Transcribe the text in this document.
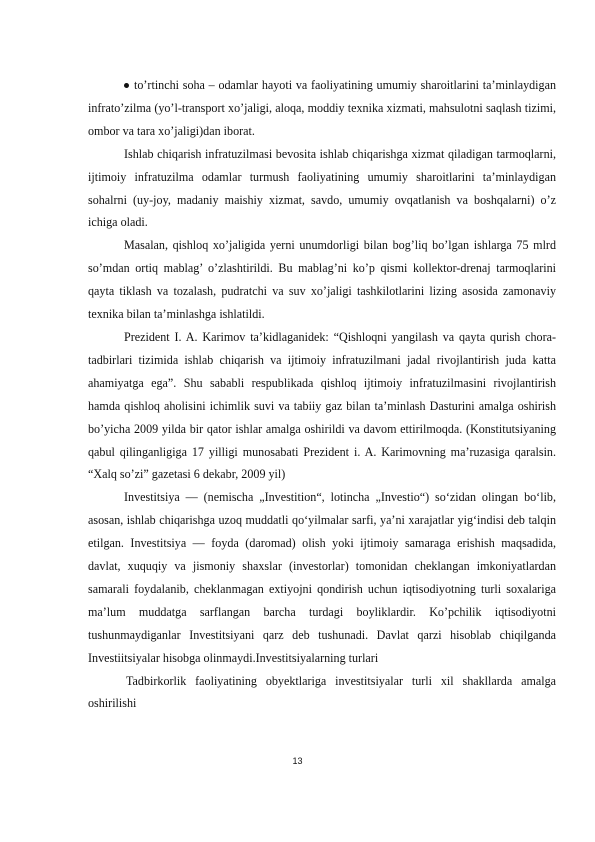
to’rtinchi soha – odamlar hayoti va faoliyatining umumiy sharoitlarini ta’minlaydigan infrato’zilma (yo’l-transport xo’jaligi, aloqa, moddiy texnika xizmati, mahsulotni saqlash tizimi, ombor va tara xo’jaligi)dan iborat.

Ishlab chiqarish infratuzilmasi bevosita ishlab chiqarishga xizmat qiladigan tarmoqlarni, ijtimoiy infratuzilma odamlar turmush faoliyatining umumiy sharoitlarini ta’minlaydigan sohalrni (uy-joy, madaniy maishiy xizmat, savdo, umumiy ovqatlanish va boshqalarni) o’z ichiga oladi.

Masalan, qishloq xo’jaligida yerni unumdorligi bilan bog’liq bo’lgan ishlarga 75 mlrd so’mdan ortiq mablag’ o’zlashtirildi. Bu mablag’ni ko’p qismi kollektor-drenaj tarmoqlarini qayta tiklash va tozalash, pudratchi va suv xo’jaligi tashkilotlarini lizing asosida zamonaviy texnika bilan ta’minlashga ishlatildi.

Prezident I. A. Karimov ta’kidlaganidek: “Qishloqni yangilash va qayta qurish chora-tadbirlari tizimida ishlab chiqarish va ijtimoiy infratuzilmani jadal rivojlantirish juda katta ahamiyatga ega”. Shu sababli respublikada qishloq ijtimoiy infratuzilmasini rivojlantirish hamda qishloq aholisini ichimlik suvi va tabiiy gaz bilan ta’minlash Dasturini amalga oshirish bo’yicha 2009 yilda bir qator ishlar amalga oshirildi va davom ettirilmoqda. (Konstitutsiyaning qabul qilinganligiga 17 yilligi munosabati Prezident i. A. Karimovning ma’ruzasiga qaralsin. “Xalq so’zi” gazetasi 6 dekabr, 2009 yil)

Investitsiya — (nemischa „Investition“, lotincha „Investio“) soʻzidan olingan boʻlib, asosan, ishlab chiqarishga uzoq muddatli qoʻyilmalar sarfi, yaʼni xarajatlar yigʻindisi deb talqin etilgan. Investitsiya — foyda (daromad) olish yoki ijtimoiy samaraga erishish maqsadida, davlat, xuquqiy va jismoniy shaxslar (investorlar) tomonidan cheklangan imkoniyatlardan samarali foydalanib, cheklanmagan extiyojni qondirish uchun iqtisodiyotning turli soxalariga ma’lum muddatga sarflangan barcha turdagi boyliklardir. Ko’pchilik iqtisodiyotni tushunmaydiganlar Investitsiyani qarz deb tushunadi. Davlat qarzi hisoblab chiqilganda Investiitsiyalar hisobga olinmaydi.Investitsiyalarning turlari

Tadbirkorlik faoliyatining obyektlariga investitsiyalar turli xil shakllarda amalga oshirilishi

13
